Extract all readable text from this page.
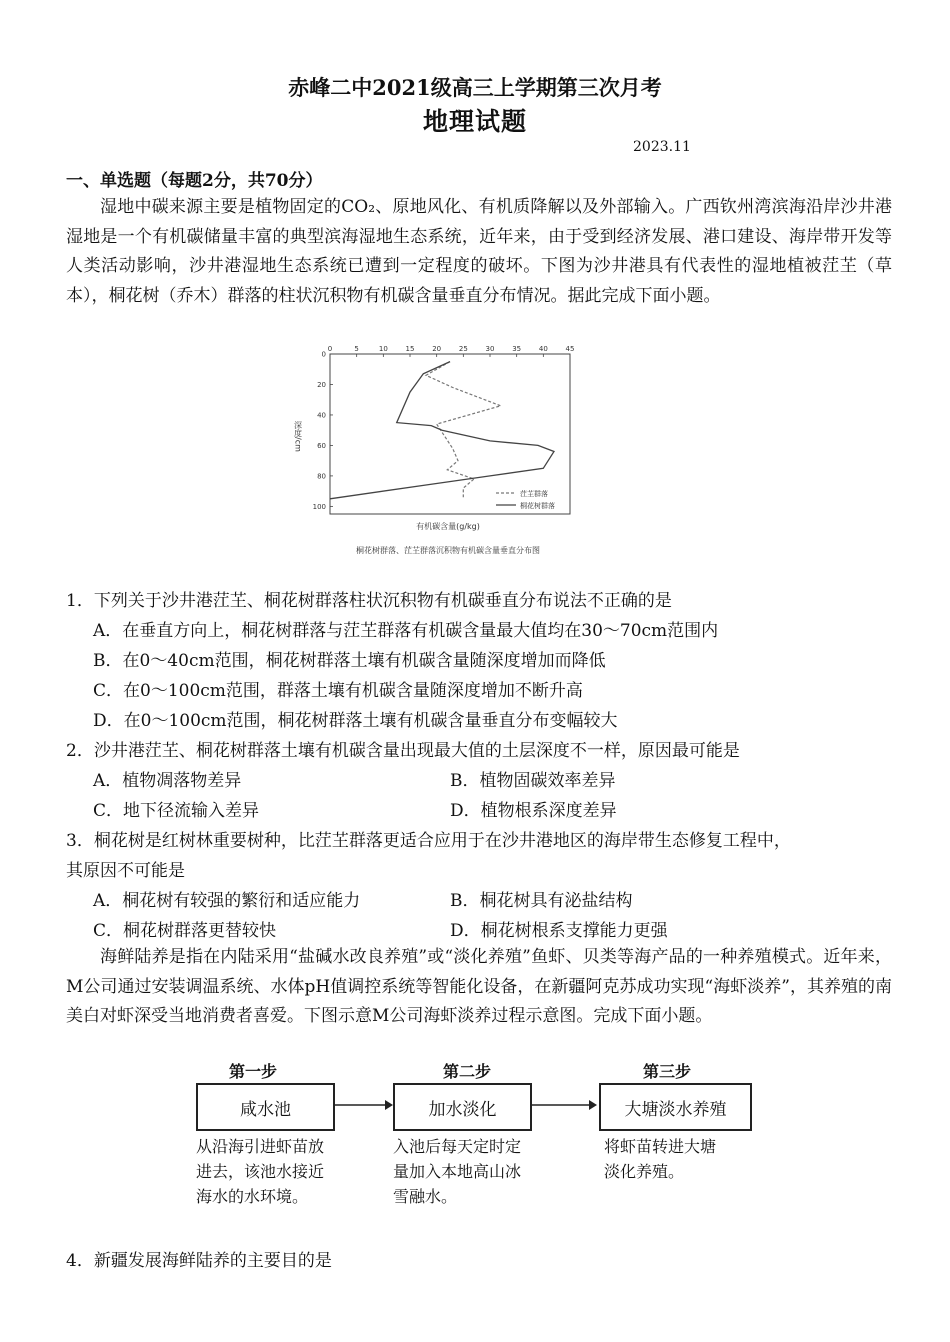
赤峰二中2021级高三上学期第三次月考
地理试题
2023.11
一、单选题（每题2分，共70分）
湿地中碳来源主要是植物固定的CO₂、原地风化、有机质降解以及外部输入。广西钦州湾滨海沿岸沙井港湿地是一个有机碳储量丰富的典型滨海湿地生态系统，近年来，由于受到经济发展、港口建设、海岸带开发等人类活动影响，沙井港湿地生态系统已遭到一定程度的破坏。下图为沙井港具有代表性的湿地植被茳芏（草本），桐花树（乔木）群落的柱状沉积物有机碳含量垂直分布情况。据此完成下面小题。
0	5	10	15	20	25	30	35	40	45
0
20
40
60
80
100
深度/cm
茳芏群落
桐花树群落
有机碳含量(g/kg)
桐花树群落、茳芏群落沉积物有机碳含量垂直分布图
1．下列关于沙井港茳芏、桐花树群落柱状沉积物有机碳垂直分布说法不正确的是
A．在垂直方向上，桐花树群落与茳芏群落有机碳含量最大值均在30～70cm范围内
B．在0～40cm范围，桐花树群落土壤有机碳含量随深度增加而降低
C．在0～100cm范围，群落土壤有机碳含量随深度增加不断升高
D．在0～100cm范围，桐花树群落土壤有机碳含量垂直分布变幅较大
2．沙井港茳芏、桐花树群落土壤有机碳含量出现最大值的土层深度不一样，原因最可能是
A．植物凋落物差异	B．植物固碳效率差异
C．地下径流输入差异	D．植物根系深度差异
3．桐花树是红树林重要树种，比茳芏群落更适合应用于在沙井港地区的海岸带生态修复工程中，
其原因不可能是
A．桐花树有较强的繁衍和适应能力	B．桐花树具有泌盐结构
C．桐花树群落更替较快	D．桐花树根系支撑能力更强
海鲜陆养是指在内陆采用“盐碱水改良养殖”或“淡化养殖”鱼虾、贝类等海产品的一种养殖模式。近年来，M公司通过安装调温系统、水体pH值调控系统等智能化设备，在新疆阿克苏成功实现“海虾淡养”，其养殖的南美白对虾深受当地消费者喜爱。下图示意M公司海虾淡养过程示意图。完成下面小题。
第一步	第二步	第三步
咸水池	加水淡化	大塘淡水养殖
从沿海引进虾苗放
进去，该池水接近
海水的水环境。
入池后每天定时定
量加入本地高山冰
雪融水。
将虾苗转进大塘
淡化养殖。
4．新疆发展海鲜陆养的主要目的是
